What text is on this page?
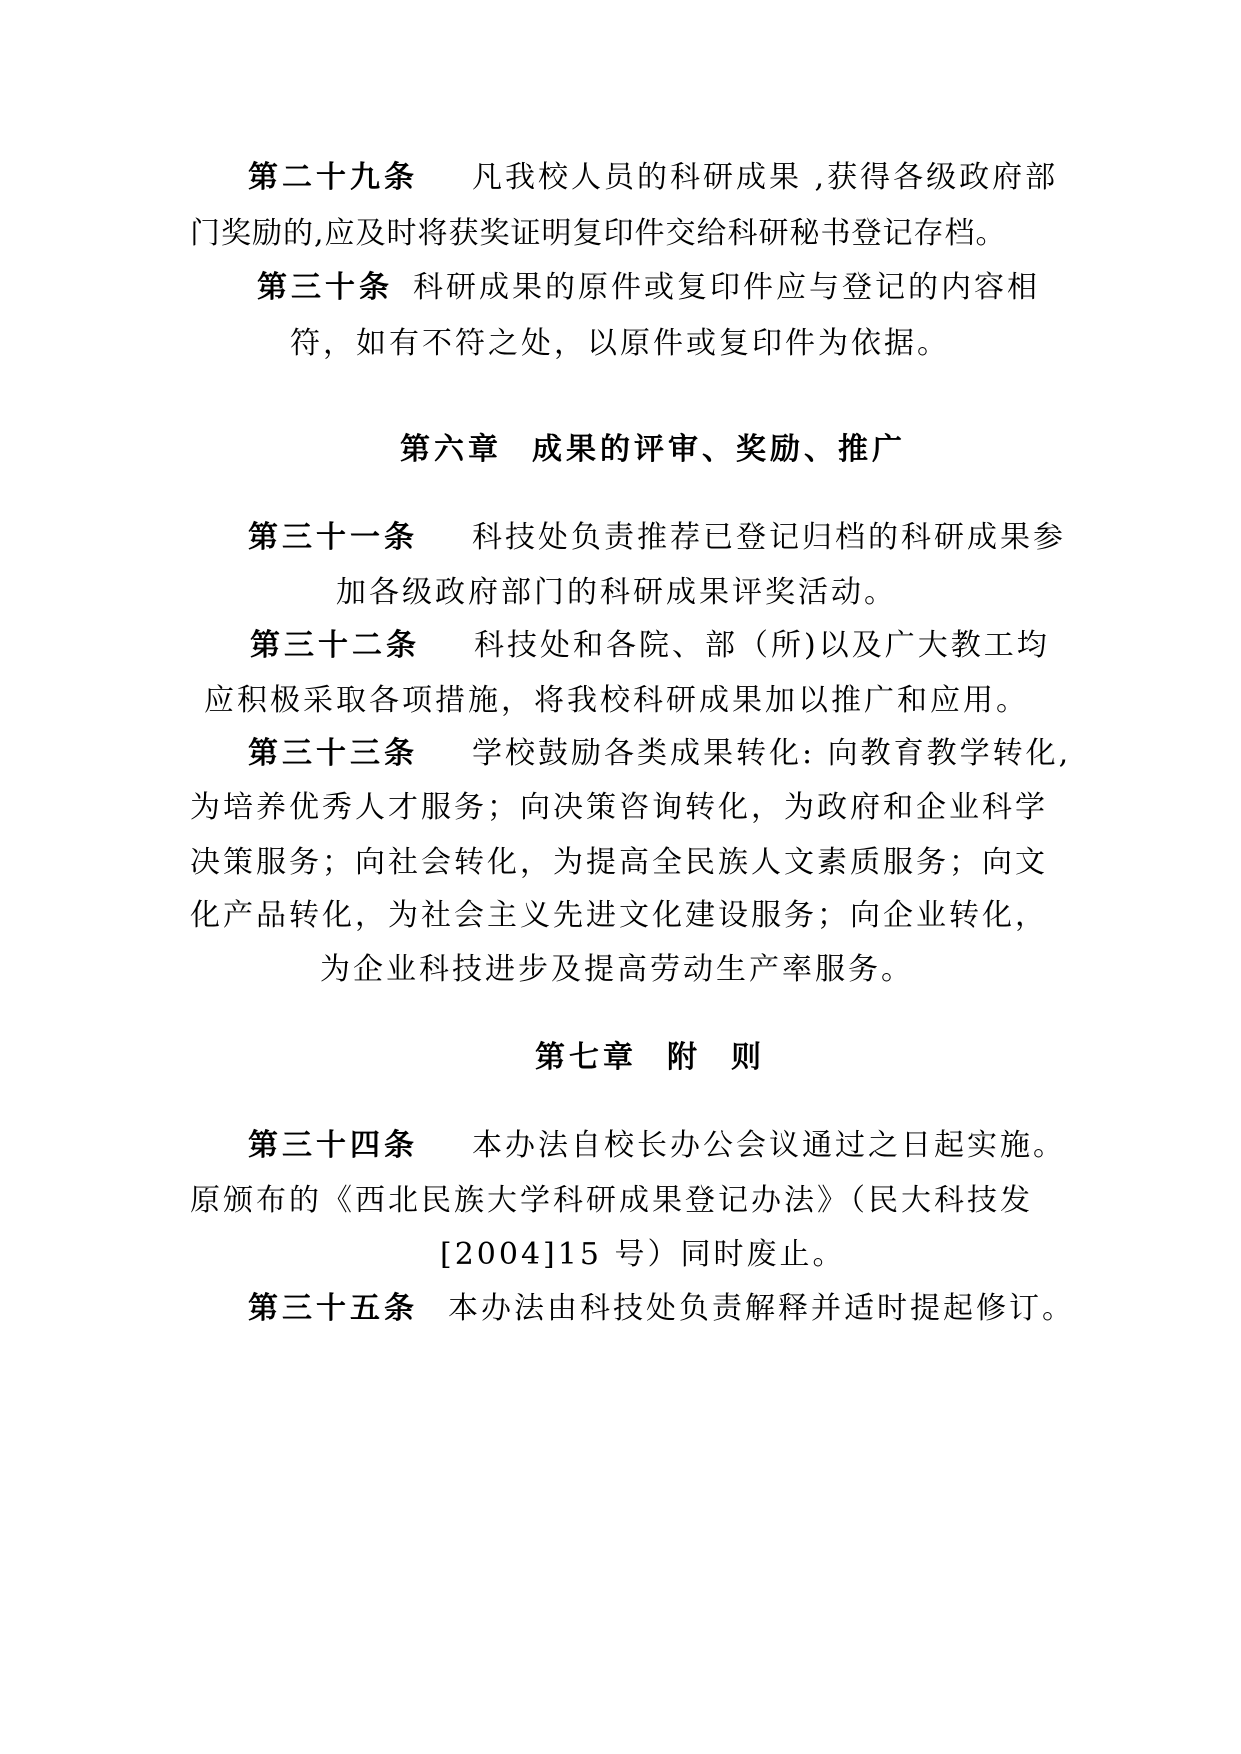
第二十九条 凡我校人员的科研成果 ,获得各级政府部
门奖励的,应及时将获奖证明复印件交给科研秘书登记存档。
第三十条 科研成果的原件或复印件应与登记的内容相
符，如有不符之处，以原件或复印件为依据。
第六章 成果的评审、奖励、推广
第三十一条 科技处负责推荐已登记归档的科研成果参
加各级政府部门的科研成果评奖活动。
第三十二条 科技处和各院、部（所)以及广大教工均
应积极采取各项措施，将我校科研成果加以推广和应用。
第三十三条 学校鼓励各类成果转化: 向教育教学转化,
为培养优秀人才服务；向决策咨询转化，为政府和企业科学
决策服务；向社会转化，为提高全民族人文素质服务；向文
化产品转化，为社会主义先进文化建设服务；向企业转化，
为企业科技进步及提高劳动生产率服务。
第七章 附 则
第三十四条 本办法自校长办公会议通过之日起实施。
原颁布的《西北民族大学科研成果登记办法》（民大科技发
[2004]15 号）同时废止。
第三十五条 本办法由科技处负责解释并适时提起修订。
